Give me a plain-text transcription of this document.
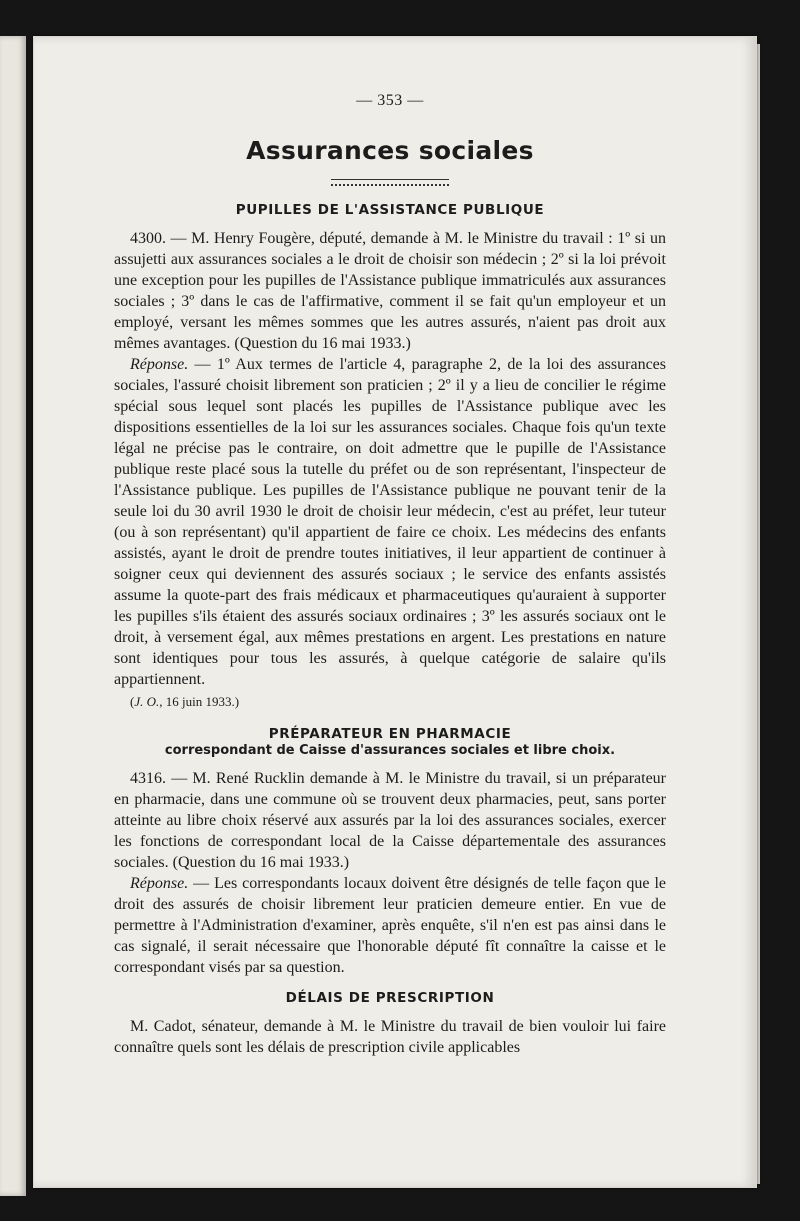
— 353 —
Assurances sociales
PUPILLES DE L'ASSISTANCE PUBLIQUE

4300. — M. Henry Fougère, député, demande à M. le Ministre du travail : 1º si un assujetti aux assurances sociales a le droit de choisir son médecin ; 2º si la loi prévoit une exception pour les pupilles de l'Assistance publique immatriculés aux assurances sociales ; 3º dans le cas de l'affirmative, comment il se fait qu'un employeur et un employé, versant les mêmes sommes que les autres assurés, n'aient pas droit aux mêmes avantages. (Question du 16 mai 1933.)

Réponse. — 1º Aux termes de l'article 4, paragraphe 2, de la loi des assurances sociales, l'assuré choisit librement son praticien ; 2º il y a lieu de concilier le régime spécial sous lequel sont placés les pupilles de l'Assistance publique avec les dispositions essentielles de la loi sur les assurances sociales. Chaque fois qu'un texte légal ne précise pas le contraire, on doit admettre que le pupille de l'Assistance publique reste placé sous la tutelle du préfet ou de son représentant, l'inspecteur de l'Assistance publique. Les pupilles de l'Assistance publique ne pouvant tenir de la seule loi du 30 avril 1930 le droit de choisir leur médecin, c'est au préfet, leur tuteur (ou à son représentant) qu'il appartient de faire ce choix. Les médecins des enfants assistés, ayant le droit de prendre toutes initiatives, il leur appartient de continuer à soigner ceux qui deviennent des assurés sociaux ; le service des enfants assistés assume la quote-part des frais médicaux et pharmaceutiques qu'auraient à supporter les pupilles s'ils étaient des assurés sociaux ordinaires ; 3º les assurés sociaux ont le droit, à versement égal, aux mêmes prestations en argent. Les prestations en nature sont identiques pour tous les assurés, à quelque catégorie de salaire qu'ils appartiennent.

(J. O., 16 juin 1933.)
PRÉPARATEUR EN PHARMACIE
correspondant de Caisse d'assurances sociales et libre choix.

4316. — M. René Rucklin demande à M. le Ministre du travail, si un préparateur en pharmacie, dans une commune où se trouvent deux pharmacies, peut, sans porter atteinte au libre choix réservé aux assurés par la loi des assurances sociales, exercer les fonctions de correspondant local de la Caisse départementale des assurances sociales. (Question du 16 mai 1933.)

Réponse. — Les correspondants locaux doivent être désignés de telle façon que le droit des assurés de choisir librement leur praticien demeure entier. En vue de permettre à l'Administration d'examiner, après enquête, s'il n'en est pas ainsi dans le cas signalé, il serait nécessaire que l'honorable député fît connaître la caisse et le correspondant visés par sa question.

DÉLAIS DE PRESCRIPTION

M. Cadot, sénateur, demande à M. le Ministre du travail de bien vouloir lui faire connaître quels sont les délais de prescription civile applicables
